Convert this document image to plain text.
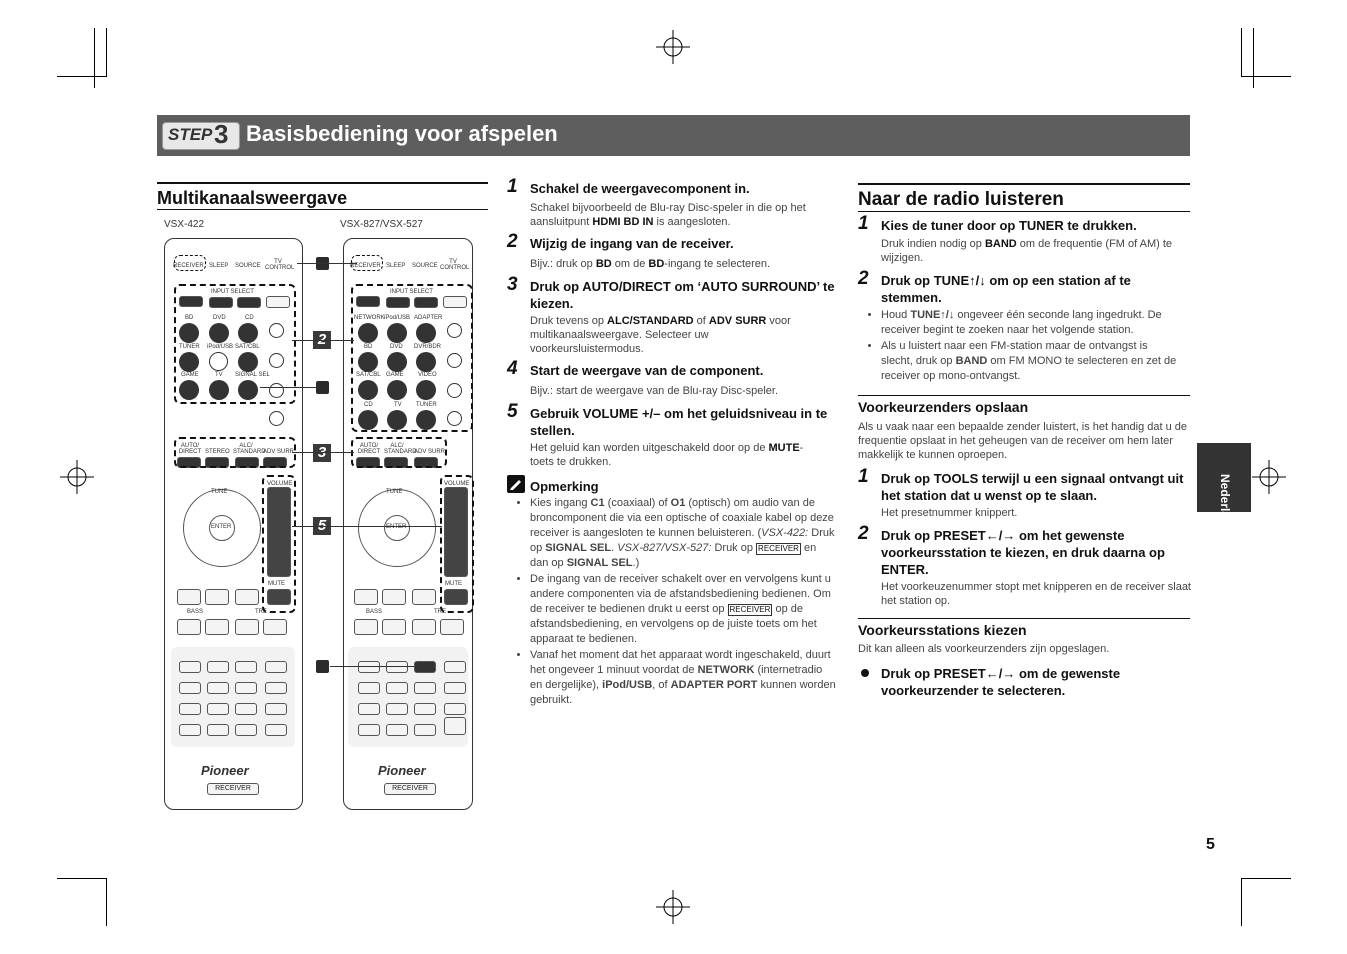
STEP 3 Basisbediening voor afspelen
Multikanaalsweergave
VSX-422	VSX-827/VSX-527
RECEIVER SLEEP SOURCE
TV CONTROL
INPUT SELECT
BD	DVD	CD
TUNER iPod/USB SAT/CBL
GAME	TV SIGNAL SEL
AUTO/ DIRECT STEREO
ALC/ STANDARD
ADV SURR
ENTER
TUNE
VOLUME
MUTE
BASS	TRE
Pioneer
RECEIVER
RECEIVER SLEEP SOURCE
TV CONTROL
INPUT SELECT
NETWORK iPod/USB ADAPTER
BD	DVD DVR/BDR
SAT/CBL GAME VIDEO
CD	TV TUNER
AUTO/ DIRECT
ALC/ STANDARD
ADV SURR
ENTER
TUNE
VOLUME
MUTE
BASS	TRE
Pioneer
RECEIVER
2
3
5
1 Schakel de weergavecomponent in.
Schakel bijvoorbeeld de Blu-ray Disc-speler in die op het aansluitpunt HDMI BD IN is aangesloten.
2 Wijzig de ingang van de receiver.
Bijv.: druk op BD om de BD-ingang te selecteren.
3 Druk op AUTO/DIRECT om ‘AUTO SURROUND’ te kiezen.
Druk tevens op ALC/STANDARD of ADV SURR voor multikanaalsweergave. Selecteer uw voorkeursluistermodus.
4 Start de weergave van de component.
Bijv.: start de weergave van de Blu-ray Disc-speler.
5 Gebruik VOLUME +/– om het geluidsniveau in te stellen.
Het geluid kan worden uitgeschakeld door op de MUTE-toets te drukken.
Opmerking
• Kies ingang C1 (coaxiaal) of O1 (optisch) om audio van de broncomponent die via een optische of coaxiale kabel op deze receiver is aangesloten te kunnen beluisteren. (VSX-422: Druk op SIGNAL SEL. VSX-827/VSX-527: Druk op RECEIVER en dan op SIGNAL SEL.)
• De ingang van de receiver schakelt over en vervolgens kunt u andere componenten via de afstandsbediening bedienen. Om de receiver te bedienen drukt u eerst op RECEIVER op de afstandsbediening, en vervolgens op de juiste toets om het apparaat te bedienen.
• Vanaf het moment dat het apparaat wordt ingeschakeld, duurt het ongeveer 1 minuut voordat de NETWORK (internetradio en dergelijke), iPod/USB, of ADAPTER PORT kunnen worden gebruikt.
Naar de radio luisteren
1 Kies de tuner door op TUNER te drukken.
Druk indien nodig op BAND om de frequentie (FM of AM) te wijzigen.
2 Druk op TUNE↑/↓ om op een station af te stemmen.
• Houd TUNE↑/↓ ongeveer één seconde lang ingedrukt. De receiver begint te zoeken naar het volgende station.
• Als u luistert naar een FM-station maar de ontvangst is slecht, druk op BAND om FM MONO te selecteren en zet de receiver op mono-ontvangst.
Voorkeurzenders opslaan
Als u vaak naar een bepaalde zender luistert, is het handig dat u de frequentie opslaat in het geheugen van de receiver om hem later makkelijk te kunnen oproepen.
1 Druk op TOOLS terwijl u een signaal ontvangt uit het station dat u wenst op te slaan.
Het presetnummer knippert.
2 Druk op PRESET←/→ om het gewenste voorkeursstation te kiezen, en druk daarna op ENTER.
Het voorkeuzenummer stopt met knipperen en de receiver slaat het station op.
Voorkeursstations kiezen
Dit kan alleen als voorkeurzenders zijn opgeslagen.
Druk op PRESET←/→ om de gewenste voorkeurzender te selecteren.
Nederlands
5
